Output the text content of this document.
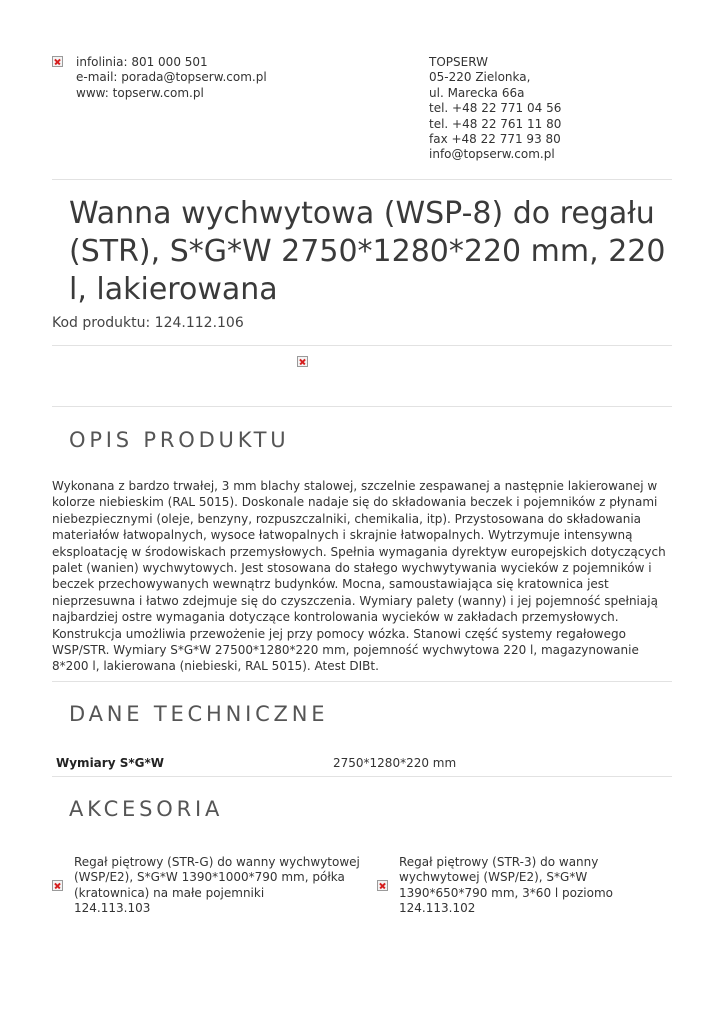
infolinia: 801 000 501
e-mail: porada@topserw.com.pl
www: topserw.com.pl
TOPSERW
05-220 Zielonka,
ul. Marecka 66a
tel. +48 22 771 04 56
tel. +48 22 761 11 80
fax +48 22 771 93 80
info@topserw.com.pl
Wanna wychwytowa (WSP-8) do regału (STR), S*G*W 2750*1280*220 mm, 220 l, lakierowana
Kod produktu: 124.112.106
OPIS PRODUKTU
Wykonana z bardzo trwałej, 3 mm blachy stalowej, szczelnie zespawanej a następnie lakierowanej w kolorze niebieskim (RAL 5015). Doskonale nadaje się do składowania beczek i pojemników z płynami niebezpiecznymi (oleje, benzyny, rozpuszczalniki, chemikalia, itp). Przystosowana do składowania materiałów łatwopalnych, wysoce łatwopalnych i skrajnie łatwopalnych. Wytrzymuje intensywną eksploatację w środowiskach przemysłowych. Spełnia wymagania dyrektyw europejskich dotyczących palet (wanien) wychwytowych. Jest stosowana do stałego wychwytywania wycieków z pojemników i beczek przechowywanych wewnątrz budynków. Mocna, samoustawiająca się kratownica jest nieprzesuwna i łatwo zdejmuje się do czyszczenia. Wymiary palety (wanny) i jej pojemność spełniają najbardziej ostre wymagania dotyczące kontrolowania wycieków w zakładach przemysłowych. Konstrukcja umożliwia przewożenie jej przy pomocy wózka. Stanowi część systemy regałowego WSP/STR. Wymiary S*G*W 27500*1280*220 mm, pojemność wychwytowa 220 l, magazynowanie 8*200 l, lakierowana (niebieski, RAL 5015). Atest DIBt.
DANE TECHNICZNE
Wymiary S*G*W	2750*1280*220 mm
AKCESORIA
Regał piętrowy (STR-G) do wanny wychwytowej
(WSP/E2), S*G*W 1390*1000*790 mm, półka
(kratownica) na małe pojemniki
124.113.103
Regał piętrowy (STR-3) do wanny
wychwytowej (WSP/E2), S*G*W
1390*650*790 mm, 3*60 l poziomo
124.113.102
